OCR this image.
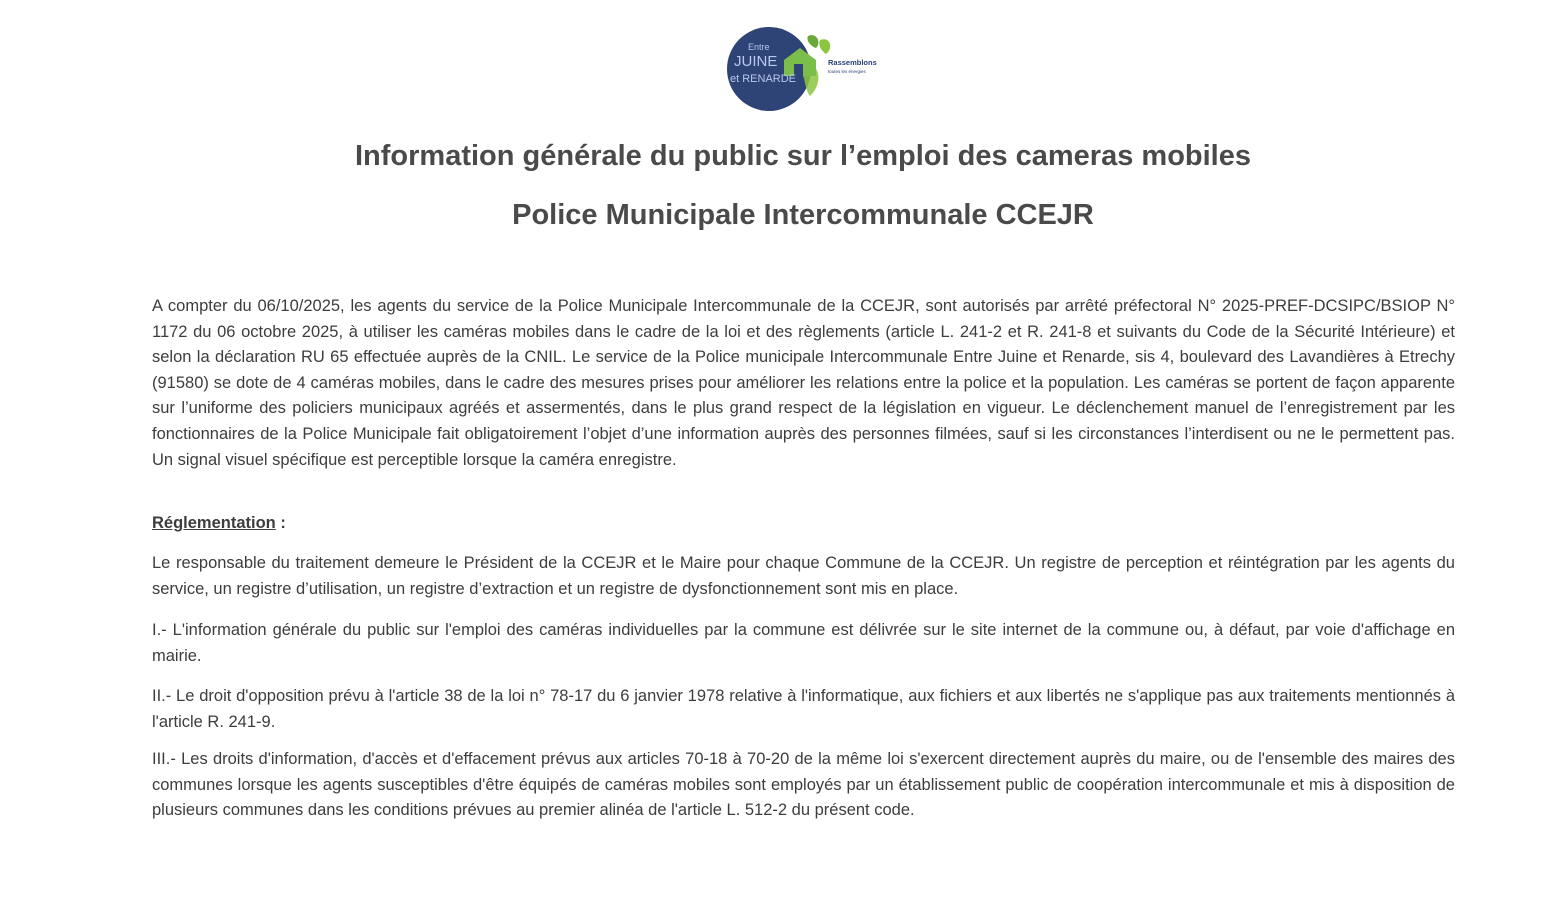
Entre
JUINE
et RENARDE
Rassemblons
toutes les énergies
Information générale du public sur l’emploi des cameras mobiles
Police Municipale Intercommunale CCEJR

A compter du 06/10/2025, les agents du service de la Police Municipale Intercommunale de la CCEJR, sont autorisés par arrêté préfectoral N° 2025-PREF-DCSIPC/BSIOP N° 1172 du 06 octobre 2025, à utiliser les caméras mobiles dans le cadre de la loi et des règlements (article L. 241-2 et R. 241-8 et suivants du Code de la Sécurité Intérieure) et selon la déclaration RU 65 effectuée auprès de la CNIL. Le service de la Police municipale Intercommunale Entre Juine et Renarde, sis 4, boulevard des Lavandières à Etrechy (91580) se dote de 4 caméras mobiles, dans le cadre des mesures prises pour améliorer les relations entre la police et la population. Les caméras se portent de façon apparente sur l’uniforme des policiers municipaux agréés et assermentés, dans le plus grand respect de la législation en vigueur. Le déclenchement manuel de l’enregistrement par les fonctionnaires de la Police Municipale fait obligatoirement l’objet d’une information auprès des personnes filmées, sauf si les circonstances l’interdisent ou ne le permettent pas. Un signal visuel spécifique est perceptible lorsque la caméra enregistre.

Réglementation :

Le responsable du traitement demeure le Président de la CCEJR et le Maire pour chaque Commune de la CCEJR. Un registre de perception et réintégration par les agents du service, un registre d’utilisation, un registre d’extraction et un registre de dysfonctionnement sont mis en place.

I.- L'information générale du public sur l'emploi des caméras individuelles par la commune est délivrée sur le site internet de la commune ou, à défaut, par voie d'affichage en mairie.

II.- Le droit d'opposition prévu à l'article 38 de la loi n° 78-17 du 6 janvier 1978 relative à l'informatique, aux fichiers et aux libertés ne s'applique pas aux traitements mentionnés à l'article R. 241-9.

III.- Les droits d'information, d'accès et d'effacement prévus aux articles 70-18 à 70-20 de la même loi s'exercent directement auprès du maire, ou de l'ensemble des maires des communes lorsque les agents susceptibles d'être équipés de caméras mobiles sont employés par un établissement public de coopération intercommunale et mis à disposition de plusieurs communes dans les conditions prévues au premier alinéa de l'article L. 512-2 du présent code.
